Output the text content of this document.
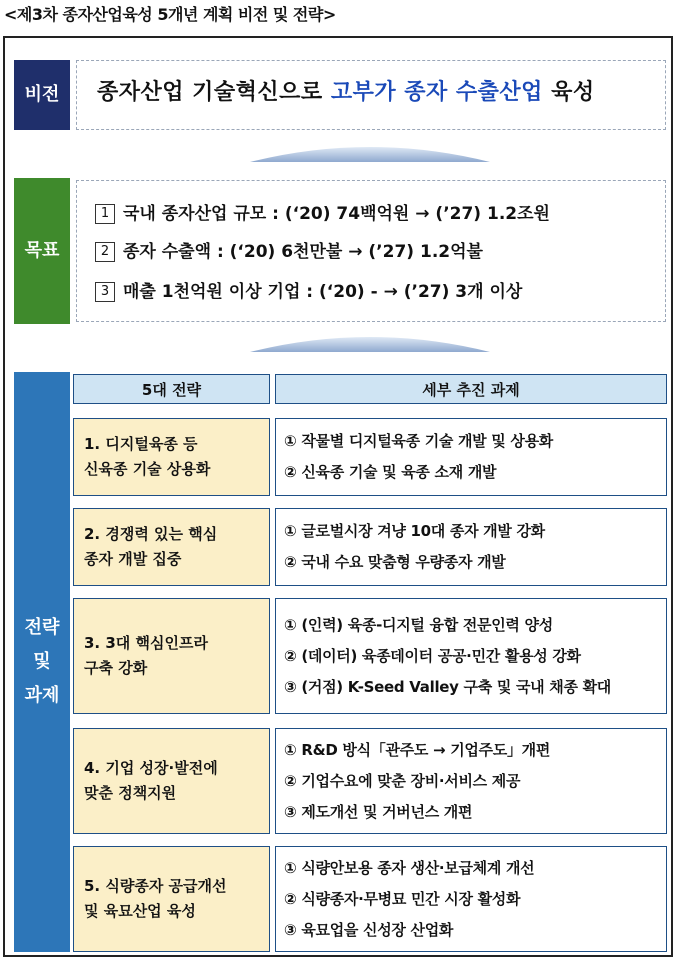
<제3차 종자산업육성 5개년 계획 비전 및 전략>
비전	종자산업 기술혁신으로 고부가 종자 수출산업 육성
목표
1 국내 종자산업 규모 : (‘20) 74백억원 → (’27) 1.2조원
2 종자 수출액 : (‘20) 6천만불 → (’27) 1.2억불
3 매출 1천억원 이상 기업 : (‘20) - → (’27) 3개 이상
전략
및
과제
5대 전략	세부 추진 과제
1. 디지털육종 등
신육종 기술 상용화
① 작물별 디지털육종 기술 개발 및 상용화
② 신육종 기술 및 육종 소재 개발
2. 경쟁력 있는 핵심
종자 개발 집중
① 글로벌시장 겨냥 10대 종자 개발 강화
② 국내 수요 맞춤형 우량종자 개발
3. 3대 핵심인프라
구축 강화
① (인력) 육종-디지털 융합 전문인력 양성
② (데이터) 육종데이터 공공·민간 활용성 강화
③ (거점) K-Seed Valley 구축 및 국내 채종 확대
4. 기업 성장·발전에
맞춘 정책지원
① R&D 방식「관주도 → 기업주도」개편
② 기업수요에 맞춘 장비·서비스 제공
③ 제도개선 및 거버넌스 개편
5. 식량종자 공급개선
및 육묘산업 육성
① 식량안보용 종자 생산·보급체계 개선
② 식량종자·무병묘 민간 시장 활성화
③ 육묘업을 신성장 산업화
